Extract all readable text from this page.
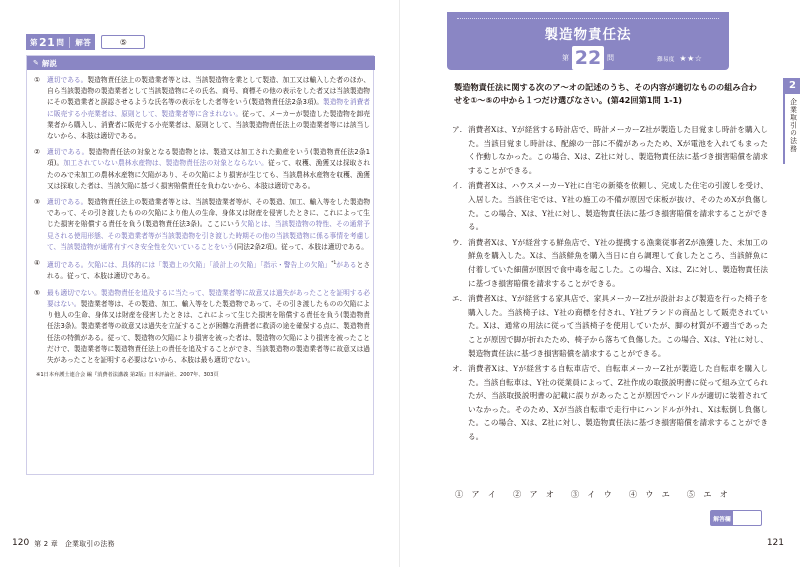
第 21 問	解答	⑤
✎ 解説
① 適切である。製造物責任法上の製造業者等とは、当該製造物を業として製造、加工又は輸入した者のほか、自ら当該製造物の製造業者として当該製造物にその氏名、商号、商標その他の表示をした者又は当該製造物にその製造業者と誤認させるような氏名等の表示をした者等をいう(製造物責任法2条3項)。製造物を消費者に販売する小売業者は、原則として、製造業者等に含まれない。従って、メーカーが製造した製造物を卸売業者から購入し、消費者に販売する小売業者は、原則として、当該製造物責任法上の製造業者等には該当しないから、本肢は適切である。
② 適切である。製造物責任法の対象となる製造物とは、製造又は加工された動産をいう(製造物責任法2条1項)。加工されていない農林水産物は、製造物責任法の対象とならない。従って、収穫、漁獲又は採取されたのみで未加工の農林水産物に欠陥があり、その欠陥により損害が生じても、当該農林水産物を収穫、漁獲又は採取した者は、当該欠陥に基づく損害賠償責任を負わないから、本肢は適切である。
③ 適切である。製造物責任法上の製造業者等とは、当該製造業者等が、その製造、加工、輸入等をした製造物であって、その引き渡したものの欠陥により他人の生命、身体又は財産を侵害したときに、これによって生じた損害を賠償する責任を負う(製造物責任法3条)。ここにいう欠陥とは、当該製造物の特性、その通常予見される使用形態、その製造業者等が当該製造物を引き渡した時期その他の当該製造物に係る事情を考慮して、当該製造物が通常有すべき安全性を欠いていることをいう(同法2条2項)。従って、本肢は適切である。
④ 適切である。欠陥には、具体的には「製造上の欠陥」「設計上の欠陥」「指示・警告上の欠陥」$^{*1}$があるとされる。従って、本肢は適切である。
⑤ 最も適切でない。製造物責任を追及するに当たって、製造業者等に故意又は過失があったことを証明する必要はない。製造業者等は、その製造、加工、輸入等をした製造物であって、その引き渡したものの欠陥により他人の生命、身体又は財産を侵害したときは、これによって生じた損害を賠償する責任を負う(製造物責任法3条)。製造業者等の故意又は過失を立証することが困難な消費者に救済の途を確保する点に、製造物責任法の特徴がある。従って、製造物の欠陥により損害を被った者は、製造物の欠陥により損害を被ったことだけで、製造業者等に製造物責任法上の責任を追及することができ、当該製造物の製造業者等に故意又は過失があったことを証明する必要はないから、本肢は最も適切でない。
※1日本弁護士連合会 編『消費者法講義 第2版』日本評論社、2007年、303頁
120 第 2 章　企業取引の法務
製造物責任法
第 22 問	難易度 ★★☆
2
企業取引の法務
製造物責任法に関する次のア〜オの記述のうち、その内容が適切なものの組み合わせを①〜⑤の中から１つだけ選びなさい。(第42回第1問 1-1)
ア. 消費者Xは、Yが経営する時計店で、時計メーカーZ社が製造した目覚まし時計を購入した。当該目覚まし時計は、配線の一部に不備があったため、Xが電池を入れてもまったく作動しなかった。この場合、Xは、Z社に対し、製造物責任法に基づき損害賠償を請求することができる。
イ. 消費者Xは、ハウスメーカーY社に自宅の新築を依頼し、完成した住宅の引渡しを受け、入居した。当該住宅では、Y社の施工の不備が原因で床板が抜け、そのためXが負傷した。この場合、Xは、Y社に対し、製造物責任法に基づき損害賠償を請求することができる。
ウ. 消費者Xは、Yが経営する鮮魚店で、Y社の提携する漁業従事者Zが漁獲した、未加工の鮮魚を購入した。Xは、当該鮮魚を購入当日に自ら調理して食したところ、当該鮮魚に付着していた細菌が原因で食中毒を起こした。この場合、Xは、Zに対し、製造物責任法に基づき損害賠償を請求することができる。
エ. 消費者Xは、Yが経営する家具店で、家具メーカーZ社が設計および製造を行った椅子を購入した。当該椅子は、Y社の商標を付され、Y社ブランドの商品として販売されていた。Xは、通常の用法に従って当該椅子を使用していたが、脚の材質が不適当であったことが原因で脚が折れたため、椅子から落ちて負傷した。この場合、Xは、Y社に対し、製造物責任法に基づき損害賠償を請求することができる。
オ. 消費者Xは、Yが経営する自転車店で、自転車メーカーZ社が製造した自転車を購入した。当該自転車は、Y社の従業員によって、Z社作成の取扱説明書に従って組み立てられたが、当該取扱説明書の記載に誤りがあったことが原因でハンドルが適切に装着されていなかった。そのため、Xが当該自転車で走行中にハンドルが外れ、Xは転倒し負傷した。この場合、Xは、Z社に対し、製造物責任法に基づき損害賠償を請求することができる。
①　ア　イ ②　ア　オ ③　イ　ウ ④　ウ　エ ⑤　エ　オ
解答欄
121
